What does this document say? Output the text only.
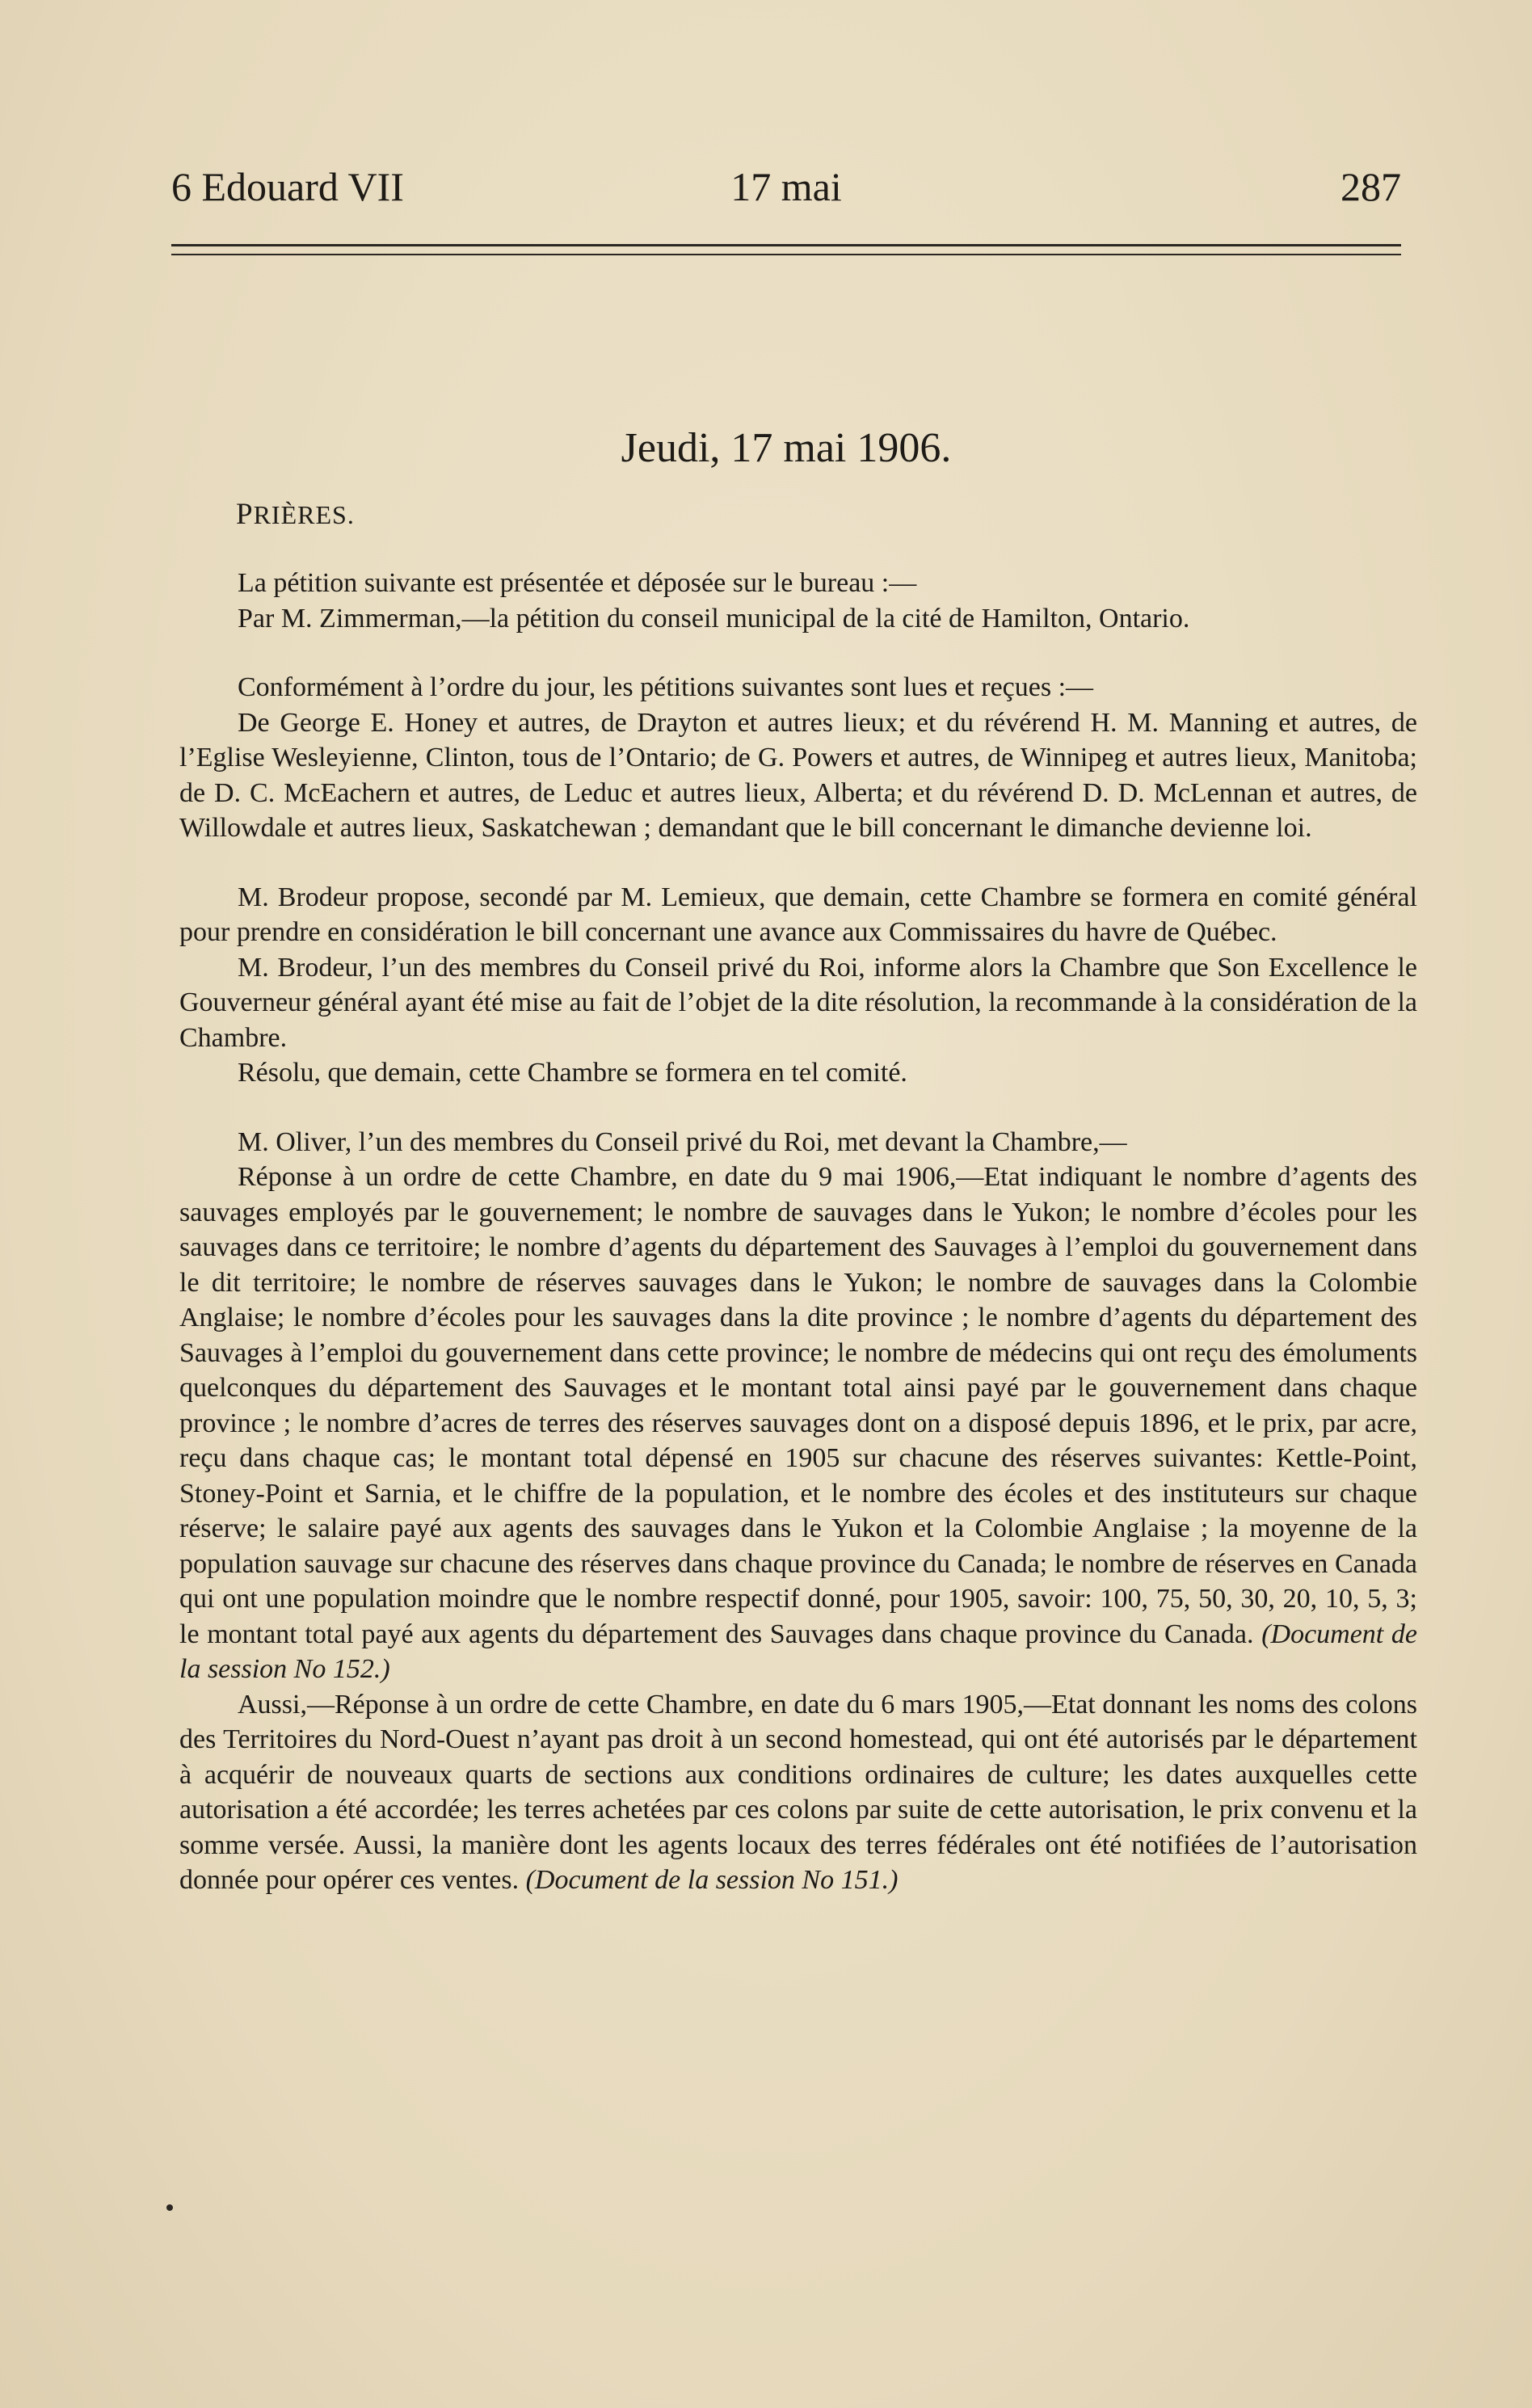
6 Edouard VII	17 mai	287
Jeudi, 17 mai 1906.
PRIÈRES.

La pétition suivante est présentée et déposée sur le bureau :—

Par M. Zimmerman,—la pétition du conseil municipal de la cité de Hamilton, Ontario.

Conformément à l’ordre du jour, les pétitions suivantes sont lues et reçues :—

De George E. Honey et autres, de Drayton et autres lieux; et du révérend H. M. Manning et autres, de l’Eglise Wesleyienne, Clinton, tous de l’Ontario; de G. Powers et autres, de Winnipeg et autres lieux, Manitoba; de D. C. McEachern et autres, de Leduc et autres lieux, Alberta; et du révérend D. D. McLennan et autres, de Willowdale et autres lieux, Saskatchewan ; demandant que le bill concernant le dimanche devienne loi.

M. Brodeur propose, secondé par M. Lemieux, que demain, cette Chambre se formera en comité général pour prendre en considération le bill concernant une avance aux Commissaires du havre de Québec.

M. Brodeur, l’un des membres du Conseil privé du Roi, informe alors la Chambre que Son Excellence le Gouverneur général ayant été mise au fait de l’objet de la dite résolution, la recommande à la considération de la Chambre.

Résolu, que demain, cette Chambre se formera en tel comité.

M. Oliver, l’un des membres du Conseil privé du Roi, met devant la Chambre,—

Réponse à un ordre de cette Chambre, en date du 9 mai 1906,—Etat indiquant le nombre d’agents des sauvages employés par le gouvernement; le nombre de sauvages dans le Yukon; le nombre d’écoles pour les sauvages dans ce territoire; le nombre d’agents du département des Sauvages à l’emploi du gouvernement dans le dit territoire; le nombre de réserves sauvages dans le Yukon; le nombre de sauvages dans la Colombie Anglaise; le nombre d’écoles pour les sauvages dans la dite province ; le nombre d’agents du département des Sauvages à l’emploi du gouvernement dans cette province; le nombre de médecins qui ont reçu des émoluments quelconques du département des Sauvages et le montant total ainsi payé par le gouvernement dans chaque province ; le nombre d’acres de terres des réserves sauvages dont on a disposé depuis 1896, et le prix, par acre, reçu dans chaque cas; le montant total dépensé en 1905 sur chacune des réserves suivantes: Kettle-Point, Stoney-Point et Sarnia, et le chiffre de la population, et le nombre des écoles et des instituteurs sur chaque réserve; le salaire payé aux agents des sauvages dans le Yukon et la Colombie Anglaise ; la moyenne de la population sauvage sur chacune des réserves dans chaque province du Canada; le nombre de réserves en Canada qui ont une population moindre que le nombre respectif donné, pour 1905, savoir: 100, 75, 50, 30, 20, 10, 5, 3; le montant total payé aux agents du département des Sauvages dans chaque province du Canada. (Document de la session No 152.)

Aussi,—Réponse à un ordre de cette Chambre, en date du 6 mars 1905,—Etat donnant les noms des colons des Territoires du Nord-Ouest n’ayant pas droit à un second homestead, qui ont été autorisés par le département à acquérir de nouveaux quarts de sections aux conditions ordinaires de culture; les dates auxquelles cette autorisation a été accordée; les terres achetées par ces colons par suite de cette autorisation, le prix convenu et la somme versée. Aussi, la manière dont les agents locaux des terres fédérales ont été notifiées de l’autorisation donnée pour opérer ces ventes. (Document de la session No 151.)
